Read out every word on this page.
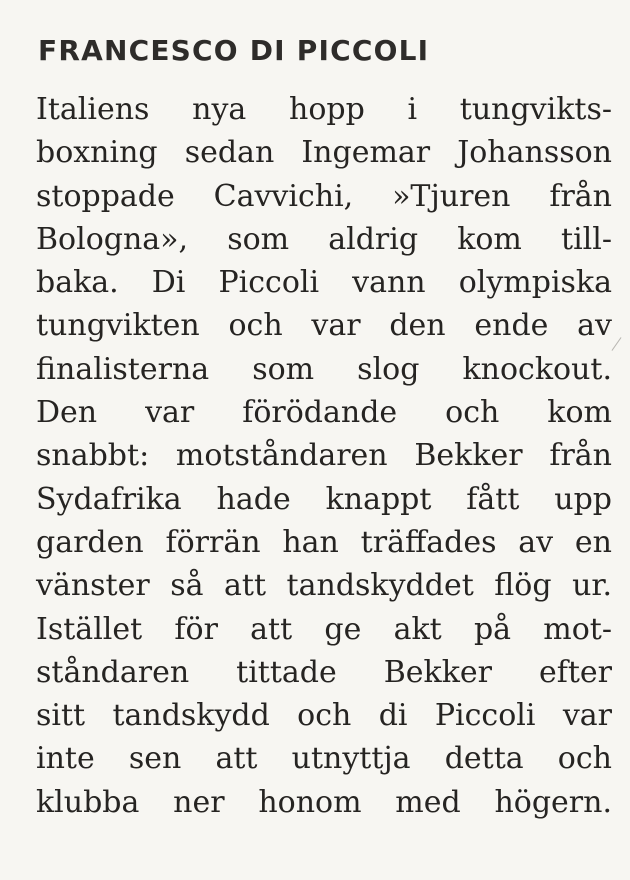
FRANCESCO DI PICCOLI
Italiens nya hopp i tungvikts-
boxning sedan Ingemar Johansson
stoppade Cavvichi, »Tjuren från
Bologna», som aldrig kom till-
baka. Di Piccoli vann olympiska
tungvikten och var den ende av
finalisterna som slog knockout.
Den var förödande och kom
snabbt: motståndaren Bekker från
Sydafrika hade knappt fått upp
garden förrän han träffades av en
vänster så att tandskyddet flög ur.
Istället för att ge akt på mot-
ståndaren tittade Bekker efter
sitt tandskydd och di Piccoli var
inte sen att utnyttja detta och
klubba ner honom med högern.
